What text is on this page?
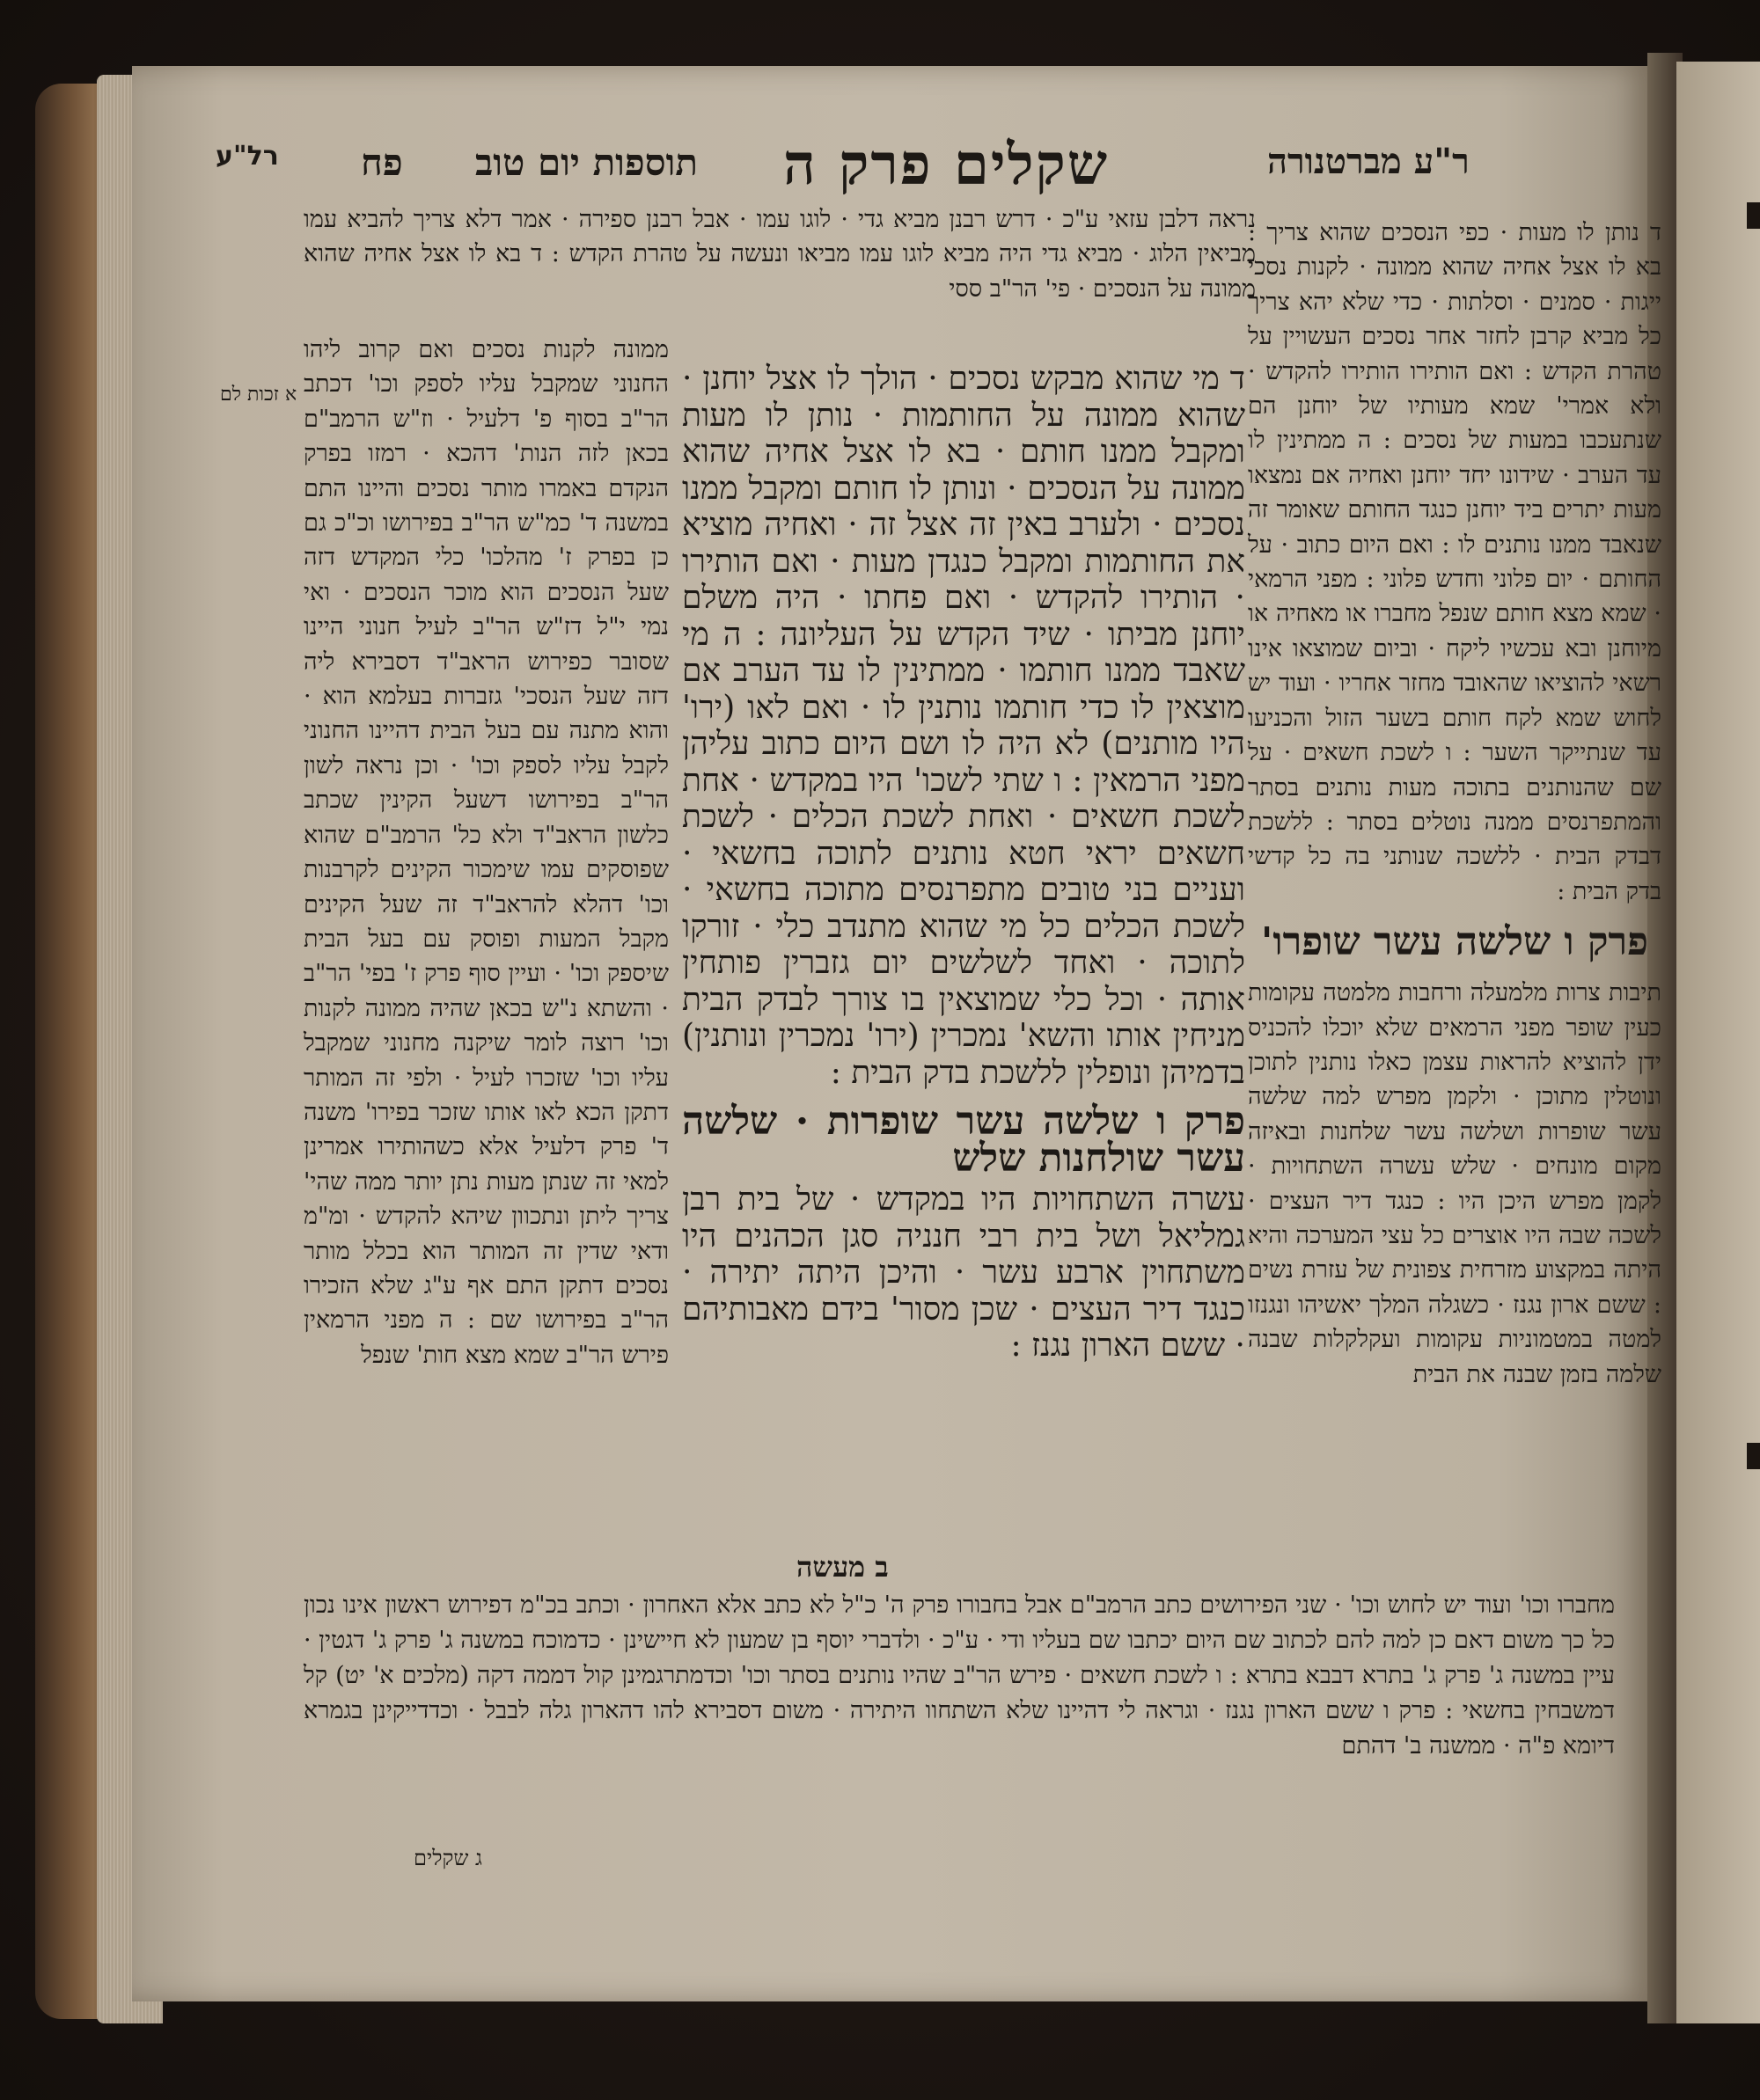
רל"ע פח תוספות יום טוב שקלים פרק ה	ר"ע מברטנורה

נראה דלבן עזאי ע"כ · דרש רבנן מביא גדי · לוגו עמו · אבל רבנן ספירה · אמר דלא צריך להביא עמו מביאין הלוג · מביא גדי היה מביא לוגו עמו מביאו ונעשה על טהרת הקדש : ד בא לו אצל אחיה שהוא ממונה על הנסכים · פי' הר"ב ססי

ד נותן לו מעות · כפי הנסכים שהוא צריך : בא לו אצל אחיה שהוא ממונה · לקנות נסכי ייגות · סמנים · וסלתות · כדי שלא יהא צריך כל מביא קרבן לחזר אחר נסכים העשויין על טהרת הקדש : ואם הותירו הותירו להקדש · ולא אמרי' שמא מעותיו של יוחנן הם שנתעכבו במעות של נסכים : ה ממתינין לו עד הערב · שידונו יחד יוחנן ואחיה אם נמצאו מעות יתרים ביד יוחנן כנגד החותם שאומר זה שנאבד ממנו נותנים לו : ואם היום כתוב · על החותם · יום פלוני וחדש פלוני : מפני הרמאי · שמא מצא חותם שנפל מחברו או מאחיה או מיוחנן ובא עכשיו ליקח · וביום שמוצאו אינו רשאי להוציאו שהאובד מחזר אחריו · ועוד יש לחוש שמא לקח חותם בשער הזול והכניעו עד שנתייקר השער : ו לשכת חשאים · על שם שהנותנים בתוכה מעות נותנים בסתר והמתפרנסים ממנה נוטלים בסתר : ללשכת דבדק הבית · ללשכה שנותני בה כל קדשי בדק הבית :

פרק ו שלשה עשר שופרו'

תיבות צרות מלמעלה ורחבות מלמטה עקומות כעין שופר מפני הרמאים שלא יוכלו להכניס ידן להוציא להראות עצמן כאלו נותנין לתוכן ונוטלין מתוכן · ולקמן מפרש למה שלשה עשר שופרות ושלשה עשר שלחנות ובאיזה מקום מונחים · שלש עשרה השתחויות · לקמן מפרש היכן היו : כנגד דיר העצים · לשכה שבה היו אוצרים כל עצי המערכה והיא היתה במקצוע מזרחית צפונית של עזרת נשים : ששם ארון נגנז · כשגלה המלך יאשיהו ונגנזו למטה במטמוניות עקומות ועקלקלות שבנה שלמה בזמן שבנה את הבית

א זכות לם

ממונה לקנות נסכים ואם קרוב ליהו החנוני שמקבל עליו לספק וכו' דכתב הר"ב בסוף פ' דלעיל · וז"ש הרמב"ם בכאן לזה הנות' דהכא · רמזו בפרק הנקדם באמרו מותר נסכים והיינו התם במשנה ד' כמ"ש הר"ב בפירושו וכ"כ גם כן בפרק ז' מהלכו' כלי המקדש דזה שעל הנסכים הוא מוכר הנסכים · ואי נמי י"ל דז"ש הר"ב לעיל חנוני היינו שסובר כפירוש הראב"ד דסבירא ליה דזה שעל הנסכי' גזברות בעלמא הוא · והוא מתנה עם בעל הבית דהיינו החנוני לקבל עליו לספק וכו' · וכן נראה לשון הר"ב בפירושו דשעל הקינין שכתב כלשון הראב"ד ולא כל' הרמב"ם שהוא שפוסקים עמו שימכור הקינים לקרבנות וכו' דהלא להראב"ד זה שעל הקינים מקבל המעות ופוסק עם בעל הבית שיספק וכו' · ועיין סוף פרק ז' בפי' הר"ב · והשתא נ"ש בכאן שהיה ממונה לקנות וכו' רוצה לומר שיקנה מחנוני שמקבל עליו וכו' שזכרו לעיל · ולפי זה המותר דתקן הכא לאו אותו שזכר בפירו' משנה ד' פרק דלעיל אלא כשהותירו אמרינן למאי זה שנתן מעות נתן יותר ממה שהי' צריך ליתן ונתכוון שיהא להקדש · ומ"מ ודאי שדין זה המותר הוא בכלל מותר נסכים דתקן התם אף ע"ג שלא הזכירו הר"ב בפירושו שם : ה מפני הרמאין פירש הר"ב שמא מצא חות' שנפל

ד מי שהוא מבקש נסכים · הולך לו אצל יוחנן · שהוא ממונה על החותמות · נותן לו מעות ומקבל ממנו חותם · בא לו אצל אחיה שהוא ממונה על הנסכים · ונותן לו חותם ומקבל ממנו נסכים · ולערב באין זה אצל זה · ואחיה מוציא את החותמות ומקבל כנגדן מעות · ואם הותירו · הותירו להקדש · ואם פחתו · היה משלם יוחנן מביתו · שיד הקדש על העליונה : ה מי שאבד ממנו חותמו · ממתינין לו עד הערב אם מוצאין לו כדי חותמו נותנין לו · ואם לאו (ירו' היו מותנים) לא היה לו ושם היום כתוב עליהן מפני הרמאין : ו שתי לשכו' היו במקדש · אחת לשכת חשאים · ואחת לשכת הכלים · לשכת חשאים יראי חטא נותנים לתוכה בחשאי · ועניים בני טובים מתפרנסים מתוכה בחשאי · לשכת הכלים כל מי שהוא מתנדב כלי · זורקו לתוכה · ואחד לשלשים יום גזברין פותחין אותה · וכל כלי שמוצאין בו צורך לבדק הבית מניחין אותו והשא' נמכרין (ירו' נמכרין ונותנין) בדמיהן ונופלין ללשכת בדק הבית :

פרק ו שלשה עשר שופרות · שלשה עשר שולחנות שלש

עשרה השתחויות היו במקדש · של בית רבן גמליאל ושל בית רבי חנניה סגן הכהנים היו משתחוין ארבע עשר · והיכן היתה יתירה · כנגד דיר העצים · שכן מסור' בידם מאבותיהם · ששם הארון נגנז :

ב מעשה

מחברו וכו' ועוד יש לחוש וכו' · שני הפירושים כתב הרמב"ם אבל בחבורו פרק ה' כ"ל לא כתב אלא האחרון · וכתב בכ"מ דפירוש ראשון אינו נכון כל כך משום דאם כן למה להם לכתוב שם היום יכתבו שם בעליו ודי · ע"כ · ולדברי יוסף בן שמעון לא חיישינן · כדמוכח במשנה ג' פרק ג' דגטין · עיין במשנה ג' פרק ג' בתרא דבבא בתרא : ו לשכת חשאים · פירש הר"ב שהיו נותנים בסתר וכו' וכדמתרגמינן קול דממה דקה (מלכים א' יט) קל דמשבחין בחשאי : פרק ו ששם הארון נגנז · וגראה לי דהיינו שלא השתחוו היתירה · משום דסבירא להו דהארון גלה לבבל · וכדדייקינן בגמרא דיומא פ"ה · ממשנה ב' דהתם

ג שקלים
